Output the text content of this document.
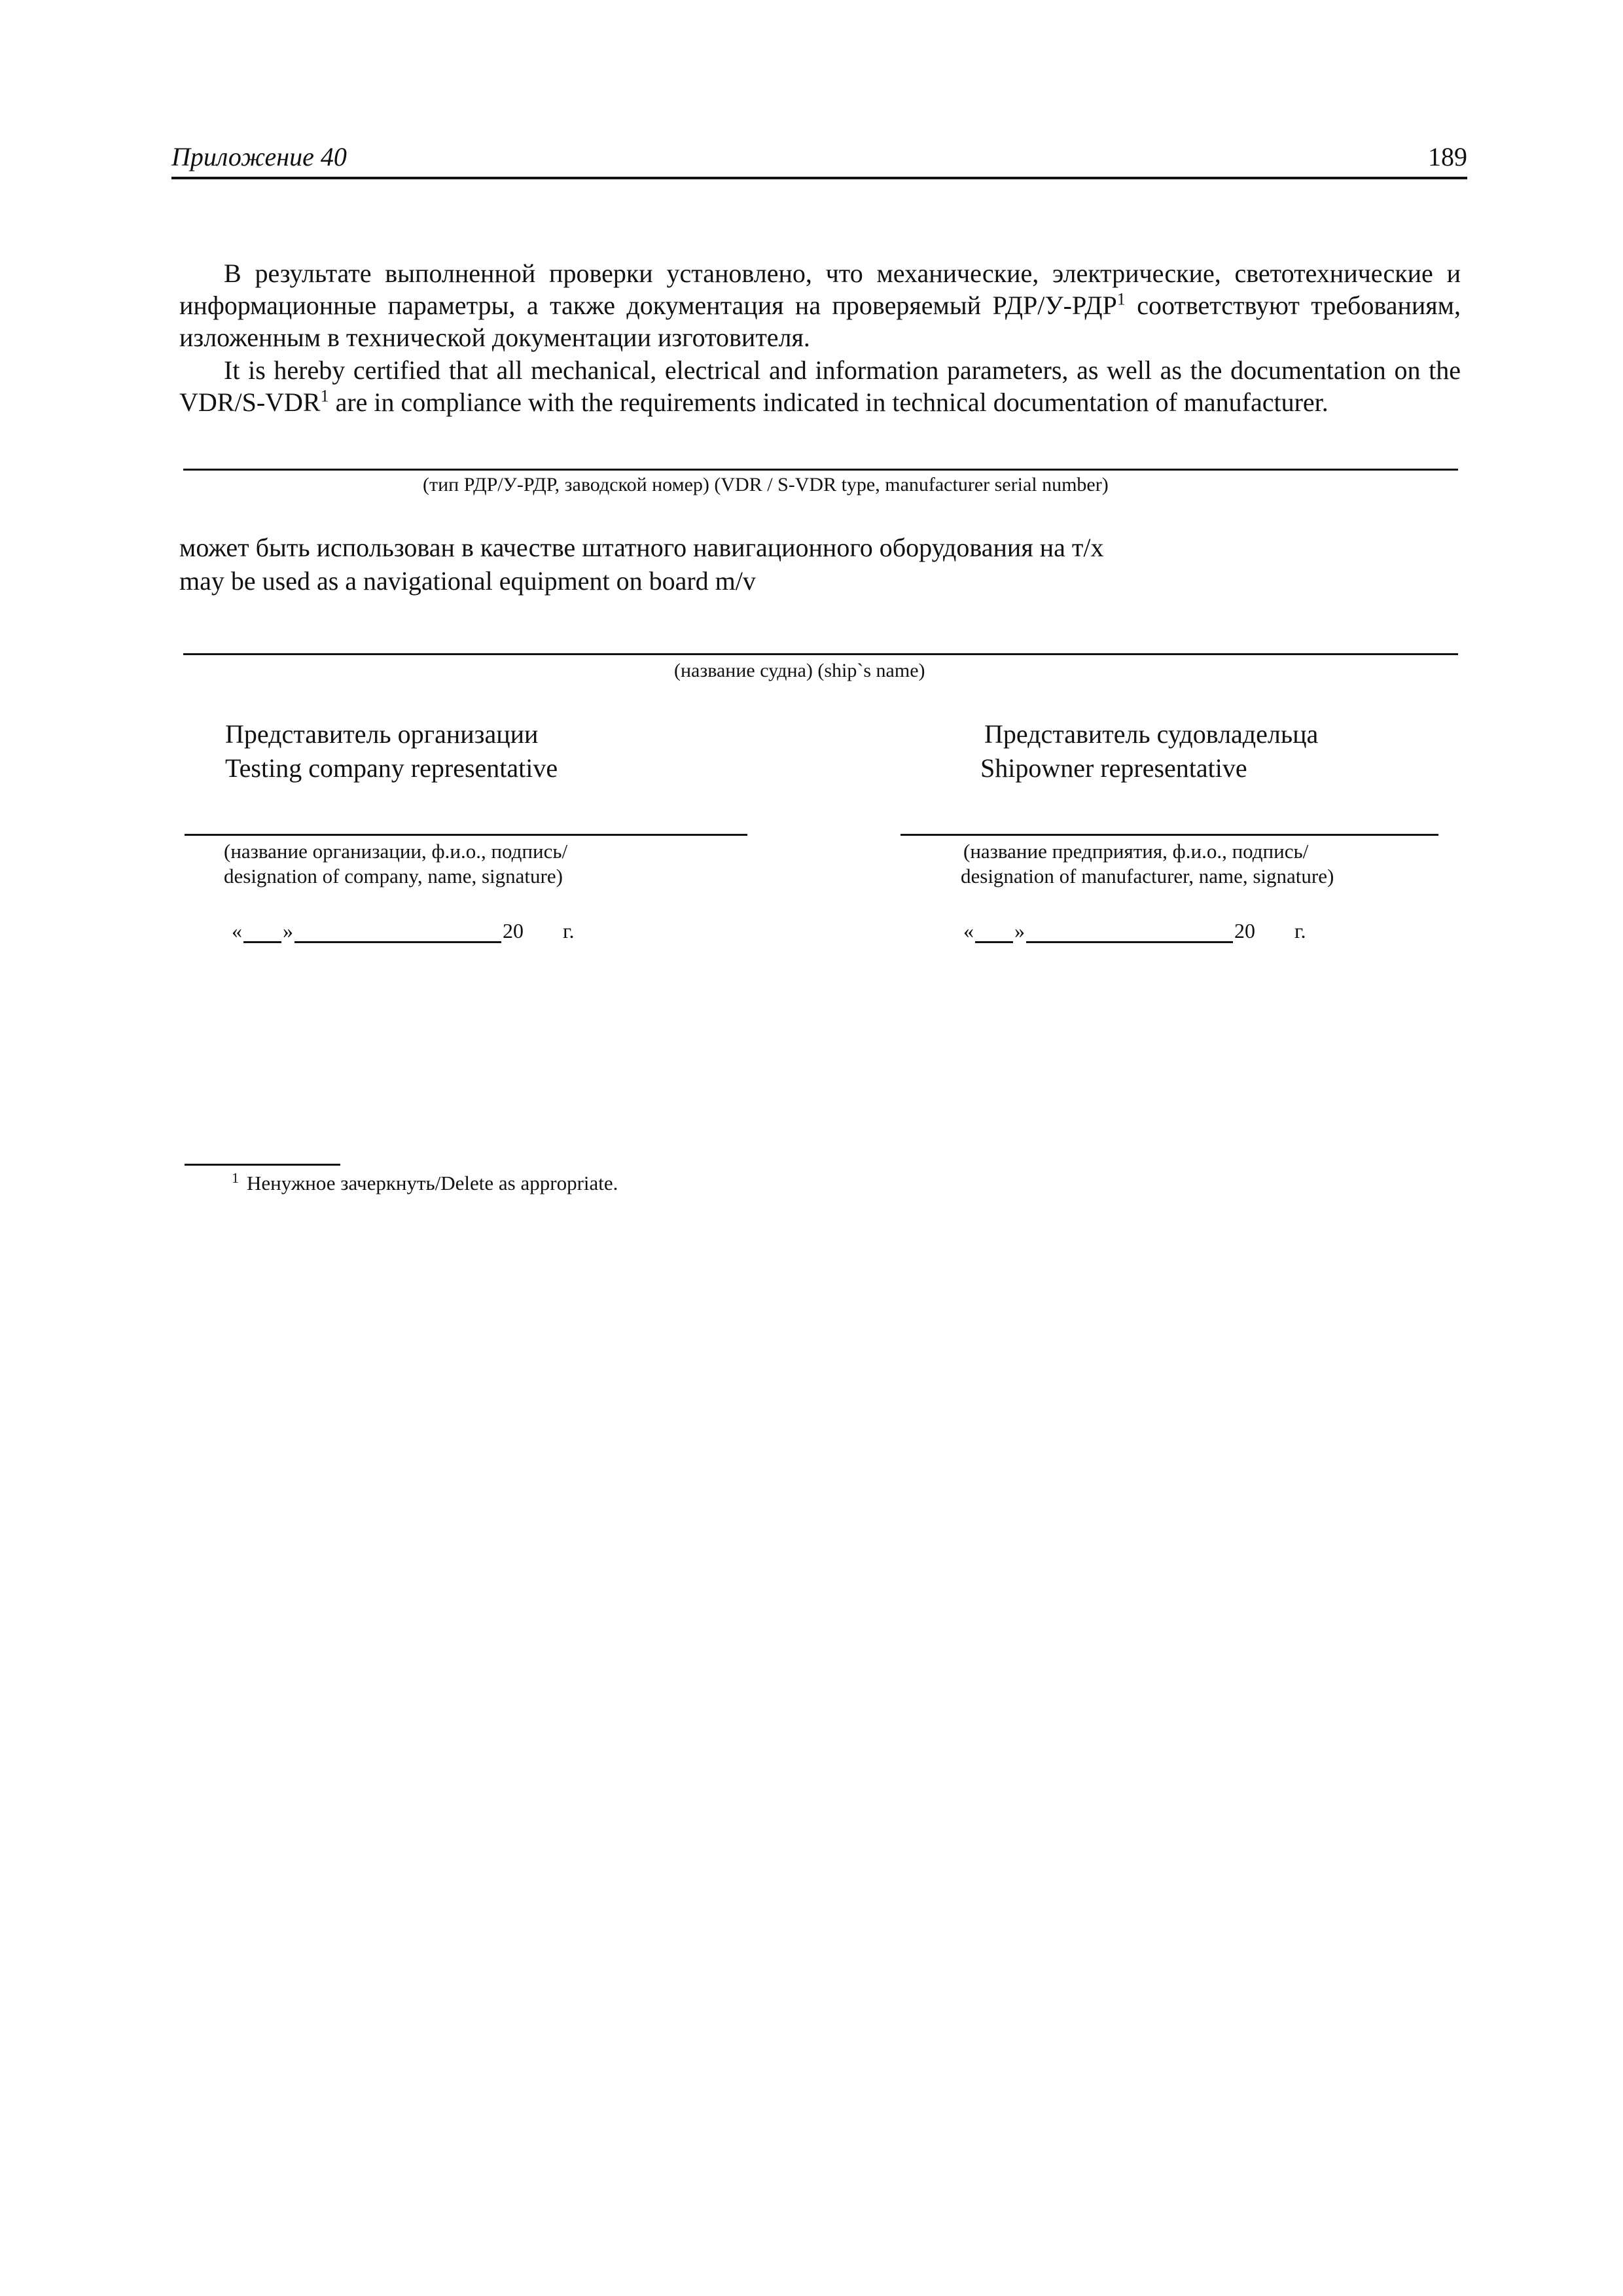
Приложение 40	189
В результате выполненной проверки установлено, что механические, электрические, светотехнические и информационные параметры, а также документация на проверяемый РДР/У-РДР$^1$ соответствуют требованиям, изложенным в технической документации изготовителя.
It is hereby certified that all mechanical, electrical and information parameters, as well as the documentation on the VDR/S-VDR$^1$ are in compliance with the requirements indicated in technical documentation of manufacturer.
(тип РДР/У-РДР, заводской номер) (VDR / S-VDR type, manufacturer serial number)
может быть использован в качестве штатного навигационного оборудования на т/х
may be used as a navigational equipment on board m/v
(название судна) (ship`s name)
Представитель организации
Testing company representative
(название организации, ф.и.о., подпись/
designation of company, name, signature)
« »	20 г.
Представитель судовладельца
Shipowner representative
(название предприятия, ф.и.о., подпись/
designation of manufacturer, name, signature)
« »	20 г.
$^1$ Ненужное зачеркнуть/Delete as appropriate.
